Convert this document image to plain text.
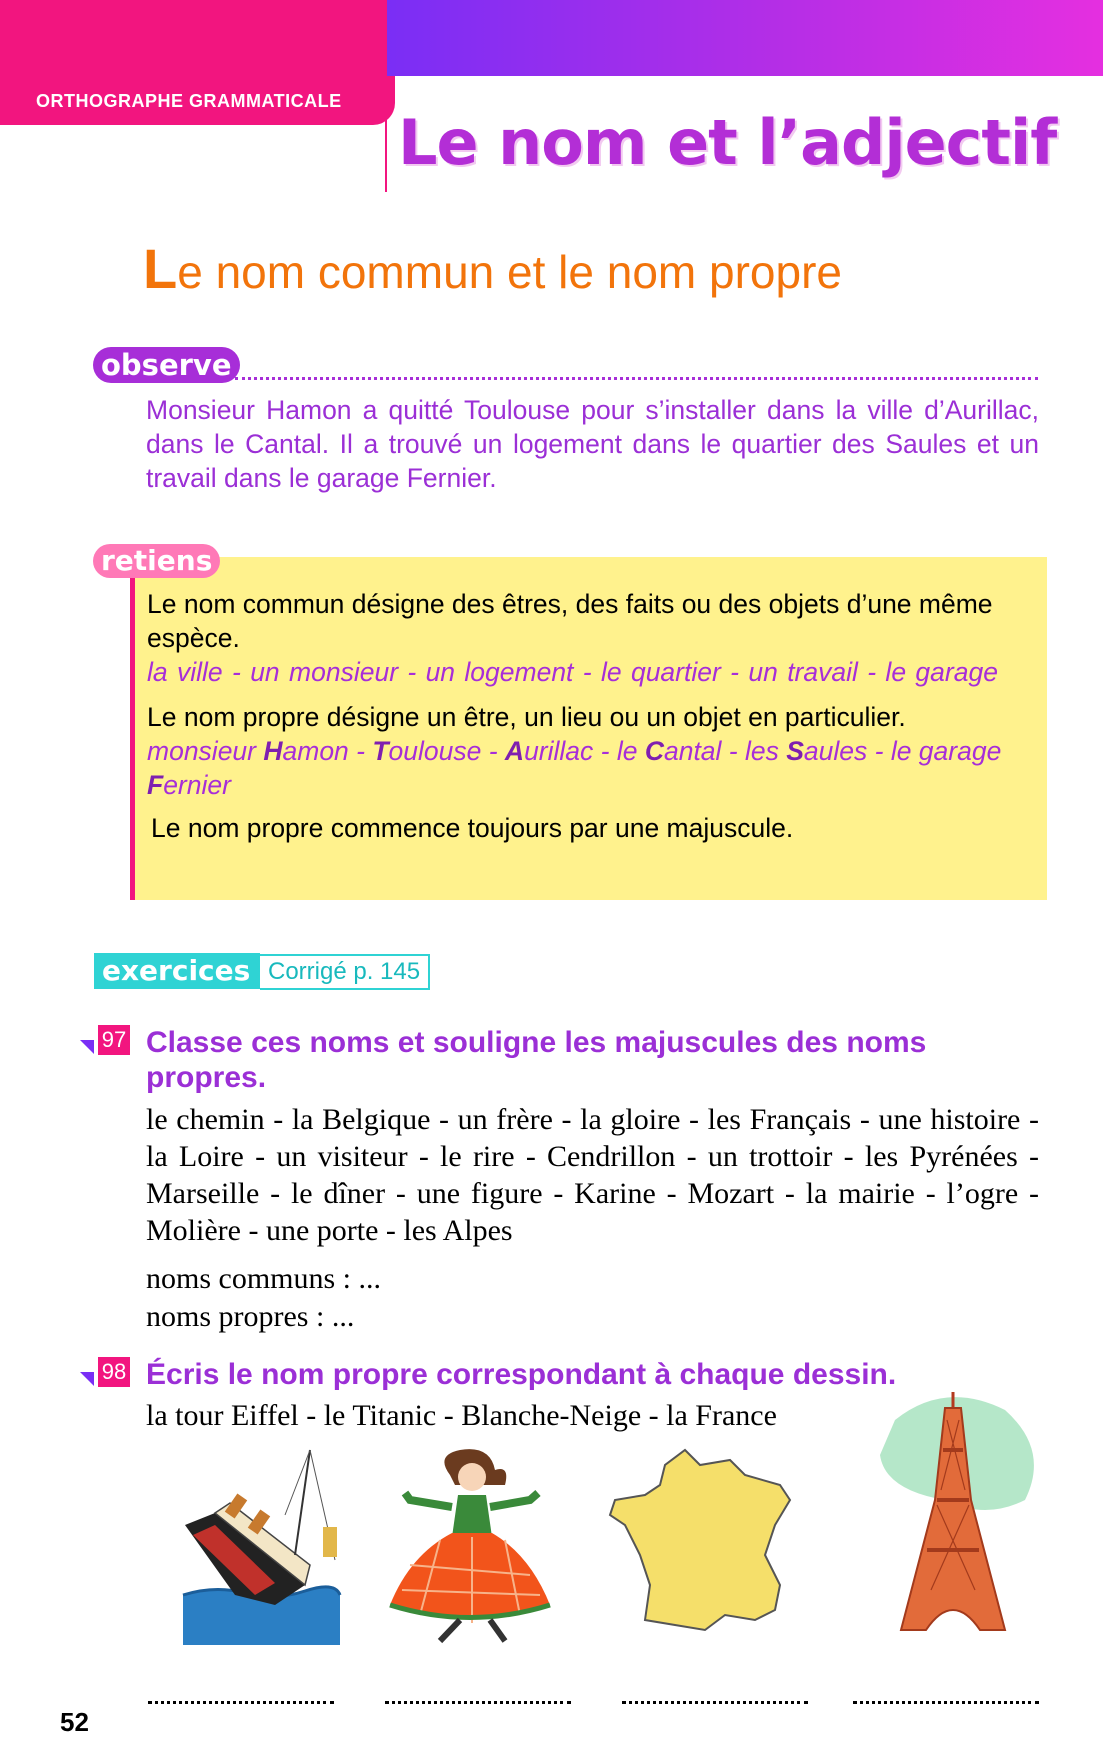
ORTHOGRAPHE GRAMMATICALE
Le nom et l’adjectif
Le nom commun et le nom propre
observe
Monsieur Hamon a quitté Toulouse pour s’installer dans la ville d’Aurillac, dans le Cantal. Il a trouvé un logement dans le quartier des Saules et un travail dans le garage Fernier.
Le nom commun désigne des êtres, des faits ou des objets d’une même espèce.
la ville - un monsieur - un logement - le quartier - un travail - le garage
Le nom propre désigne un être, un lieu ou un objet en particulier.
monsieur Hamon - Toulouse - Aurillac - le Cantal - les Saules - le garage Fernier
Le nom propre commence toujours par une majuscule.
retiens
exercices Corrigé p. 145
97 Classe ces noms et souligne les majuscules des noms propres.
le chemin - la Belgique - un frère - la gloire - les Français - une histoire - la Loire - un visiteur - le rire - Cendrillon - un trottoir - les Pyrénées - Marseille - le dîner - une figure - Karine - Mozart - la mairie - l’ogre - Molière - une porte - les Alpes
noms communs : ...
noms propres : ...
98 Écris le nom propre correspondant à chaque dessin.
la tour Eiffel - le Titanic - Blanche-Neige - la France
52
